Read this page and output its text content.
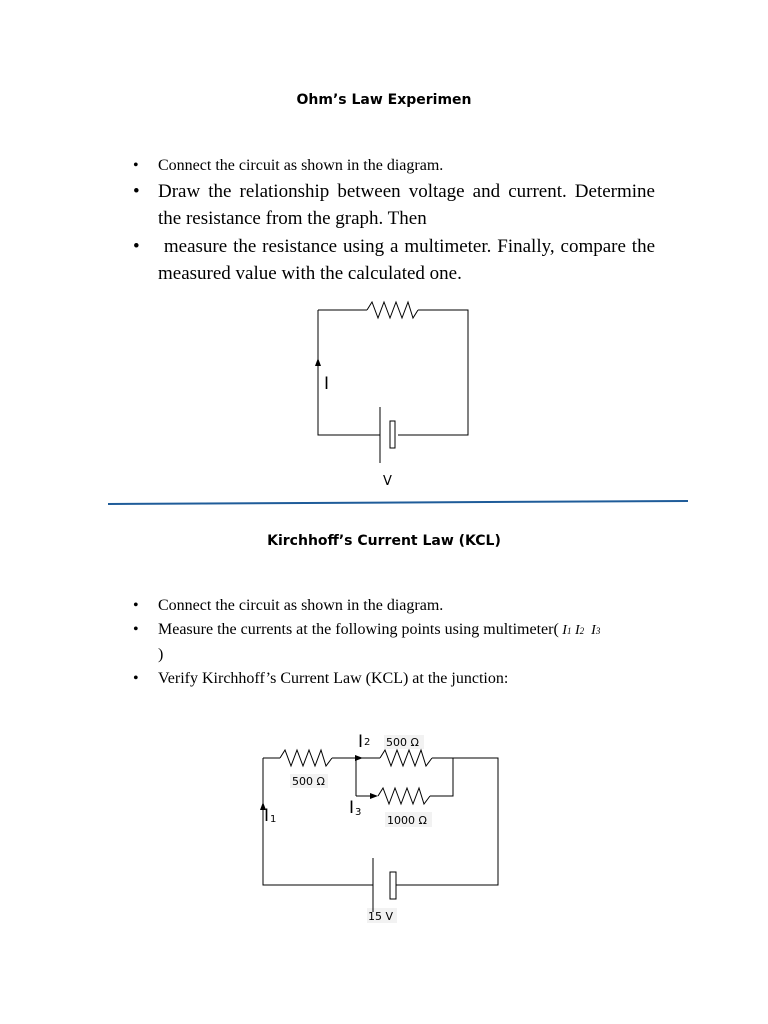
Ohm’s Law Experimen
• Connect the circuit as shown in the diagram.
• Draw the relationship between voltage and current. Determine the resistance from the graph. Then
• measure the resistance using a multimeter. Finally, compare the measured value with the calculated one.
I
V
Kirchhoff’s Current Law (KCL)
• Connect the circuit as shown in the diagram.
• Measure the currents at the following points using multimeter( I1 I2 I3
)
• Verify Kirchhoff’s Current Law (KCL) at the junction:
I1
I2
I3
500 Ω
500 Ω
1000 Ω
15 V
